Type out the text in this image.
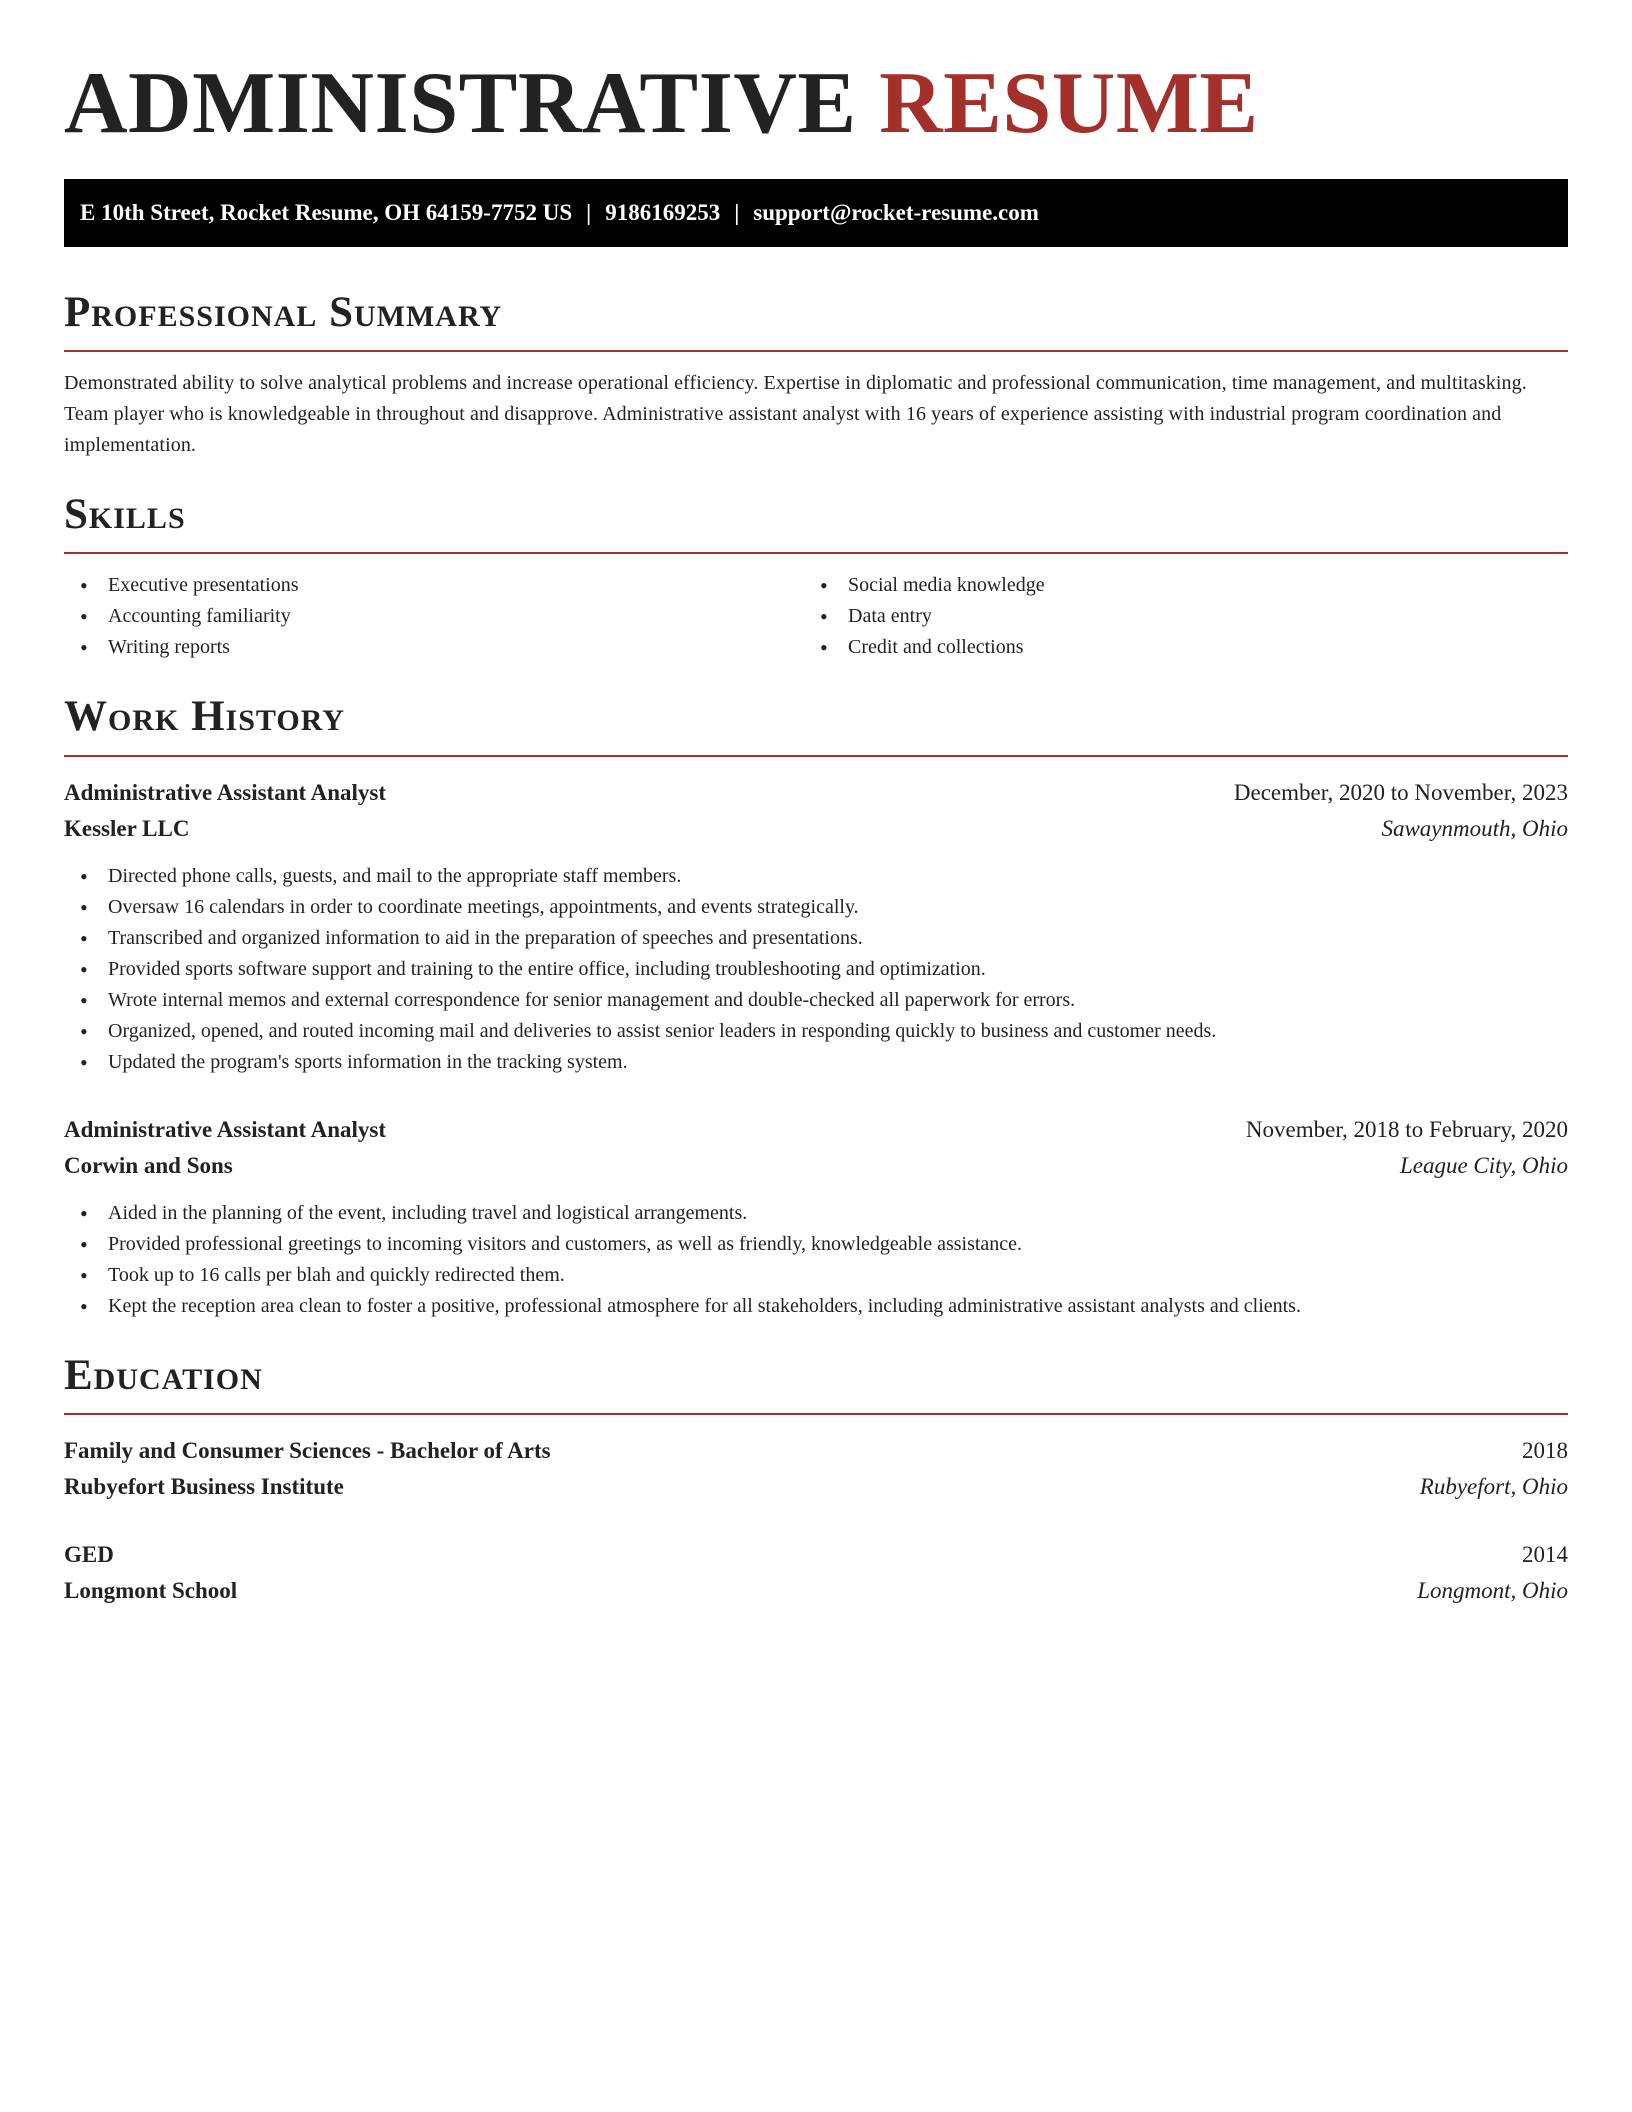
ADMINISTRATIVE RESUME
E 10th Street, Rocket Resume, OH 64159-7752 US | 9186169253 | support@rocket-resume.com
Professional Summary
Demonstrated ability to solve analytical problems and increase operational efficiency. Expertise in diplomatic and professional communication, time management, and multitasking. Team player who is knowledgeable in throughout and disapprove. Administrative assistant analyst with 16 years of experience assisting with industrial program coordination and implementation.
Skills
• Executive presentations
• Accounting familiarity
• Writing reports
• Social media knowledge
• Data entry
• Credit and collections
Work History
Administrative Assistant Analyst	December, 2020 to November, 2023
Kessler LLC	Sawaynmouth, Ohio
• Directed phone calls, guests, and mail to the appropriate staff members.
• Oversaw 16 calendars in order to coordinate meetings, appointments, and events strategically.
• Transcribed and organized information to aid in the preparation of speeches and presentations.
• Provided sports software support and training to the entire office, including troubleshooting and optimization.
• Wrote internal memos and external correspondence for senior management and double-checked all paperwork for errors.
• Organized, opened, and routed incoming mail and deliveries to assist senior leaders in responding quickly to business and customer needs.
• Updated the program's sports information in the tracking system.
Administrative Assistant Analyst	November, 2018 to February, 2020
Corwin and Sons	League City, Ohio
• Aided in the planning of the event, including travel and logistical arrangements.
• Provided professional greetings to incoming visitors and customers, as well as friendly, knowledgeable assistance.
• Took up to 16 calls per blah and quickly redirected them.
• Kept the reception area clean to foster a positive, professional atmosphere for all stakeholders, including administrative assistant analysts and clients.
Education
Family and Consumer Sciences - Bachelor of Arts	2018
Rubyefort Business Institute	Rubyefort, Ohio
GED	2014
Longmont School	Longmont, Ohio
